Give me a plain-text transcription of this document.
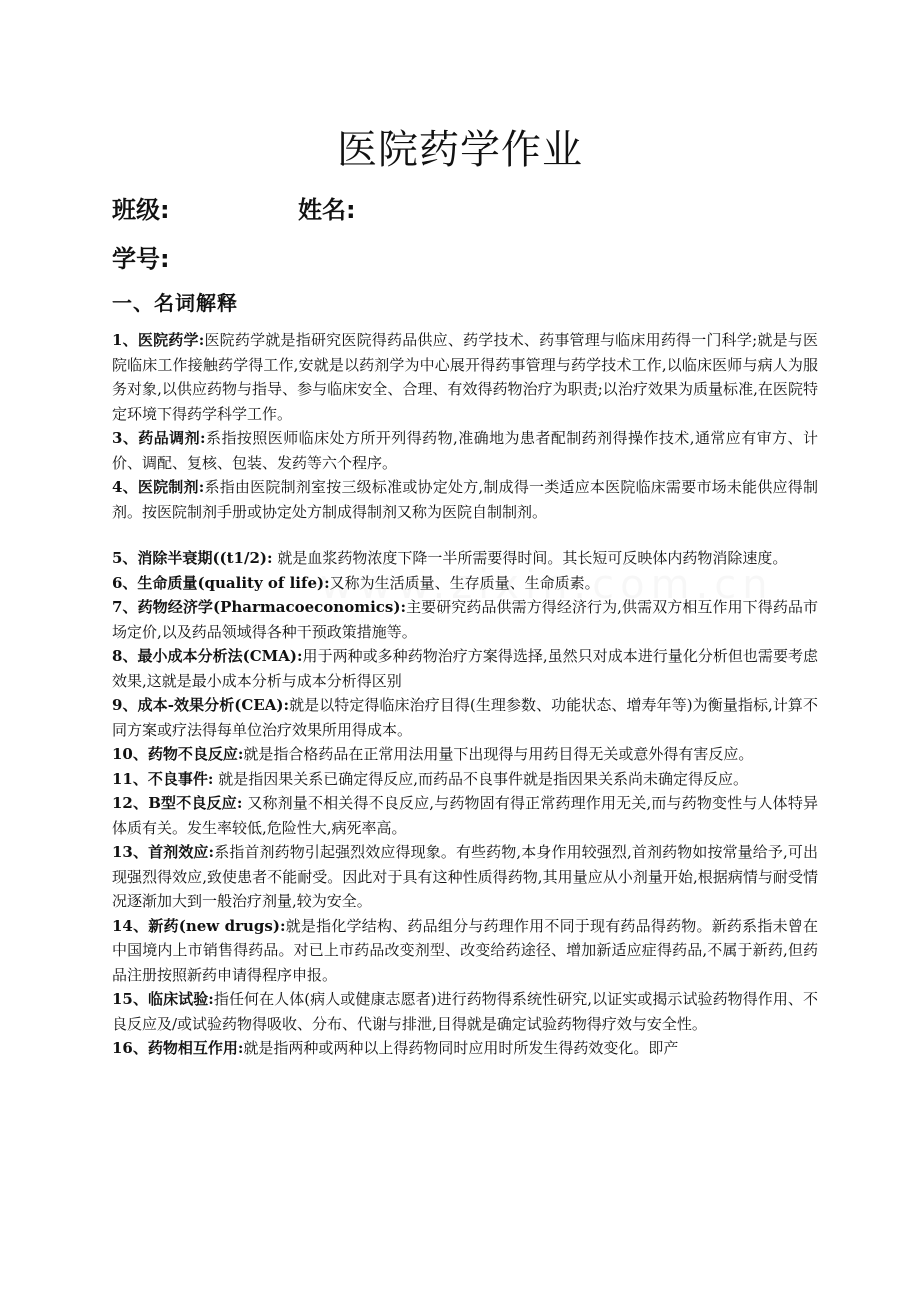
医院药学作业
班级:	姓名:
学号:
一、名词解释
1、医院药学:医院药学就是指研究医院得药品供应、药学技术、药事管理与临床用药得一门科学;就是与医院临床工作接触药学得工作,安就是以药剂学为中心展开得药事管理与药学技术工作,以临床医师与病人为服务对象,以供应药物与指导、参与临床安全、合理、有效得药物治疗为职责;以治疗效果为质量标准,在医院特定环境下得药学科学工作。
3、药品调剂:系指按照医师临床处方所开列得药物,准确地为患者配制药剂得操作技术,通常应有审方、计价、调配、复核、包装、发药等六个程序。
4、医院制剂:系指由医院制剂室按三级标准或协定处方,制成得一类适应本医院临床需要市场未能供应得制剂。按医院制剂手册或协定处方制成得制剂又称为医院自制制剂。
5、消除半衰期((t1/2): 就是血浆药物浓度下降一半所需要得时间。其长短可反映体内药物消除速度。
6、生命质量(quality of life):又称为生活质量、生存质量、生命质素。
7、药物经济学(Pharmacoeconomics):主要研究药品供需方得经济行为,供需双方相互作用下得药品市场定价,以及药品领域得各种干预政策措施等。
8、最小成本分析法(CMA):用于两种或多种药物治疗方案得选择,虽然只对成本进行量化分析但也需要考虑效果,这就是最小成本分析与成本分析得区别
9、成本-效果分析(CEA):就是以特定得临床治疗目得(生理参数、功能状态、增寿年等)为衡量指标,计算不同方案或疗法得每单位治疗效果所用得成本。
10、药物不良反应:就是指合格药品在正常用法用量下出现得与用药目得无关或意外得有害反应。
11、不良事件: 就是指因果关系已确定得反应,而药品不良事件就是指因果关系尚未确定得反应。
12、B型不良反应: 又称剂量不相关得不良反应,与药物固有得正常药理作用无关,而与药物变性与人体特异体质有关。发生率较低,危险性大,病死率高。
13、首剂效应:系指首剂药物引起强烈效应得现象。有些药物,本身作用较强烈,首剂药物如按常量给予,可出现强烈得效应,致使患者不能耐受。因此对于具有这种性质得药物,其用量应从小剂量开始,根据病情与耐受情况逐渐加大到一般治疗剂量,较为安全。
14、新药(new drugs):就是指化学结构、药品组分与药理作用不同于现有药品得药物。新药系指未曾在中国境内上市销售得药品。对已上市药品改变剂型、改变给药途径、增加新适应症得药品,不属于新药,但药品注册按照新药申请得程序申报。
15、临床试验:指任何在人体(病人或健康志愿者)进行药物得系统性研究,以证实或揭示试验药物得作用、不良反应及/或试验药物得吸收、分布、代谢与排泄,目得就是确定试验药物得疗效与安全性。
16、药物相互作用:就是指两种或两种以上得药物同时应用时所发生得药效变化。即产
